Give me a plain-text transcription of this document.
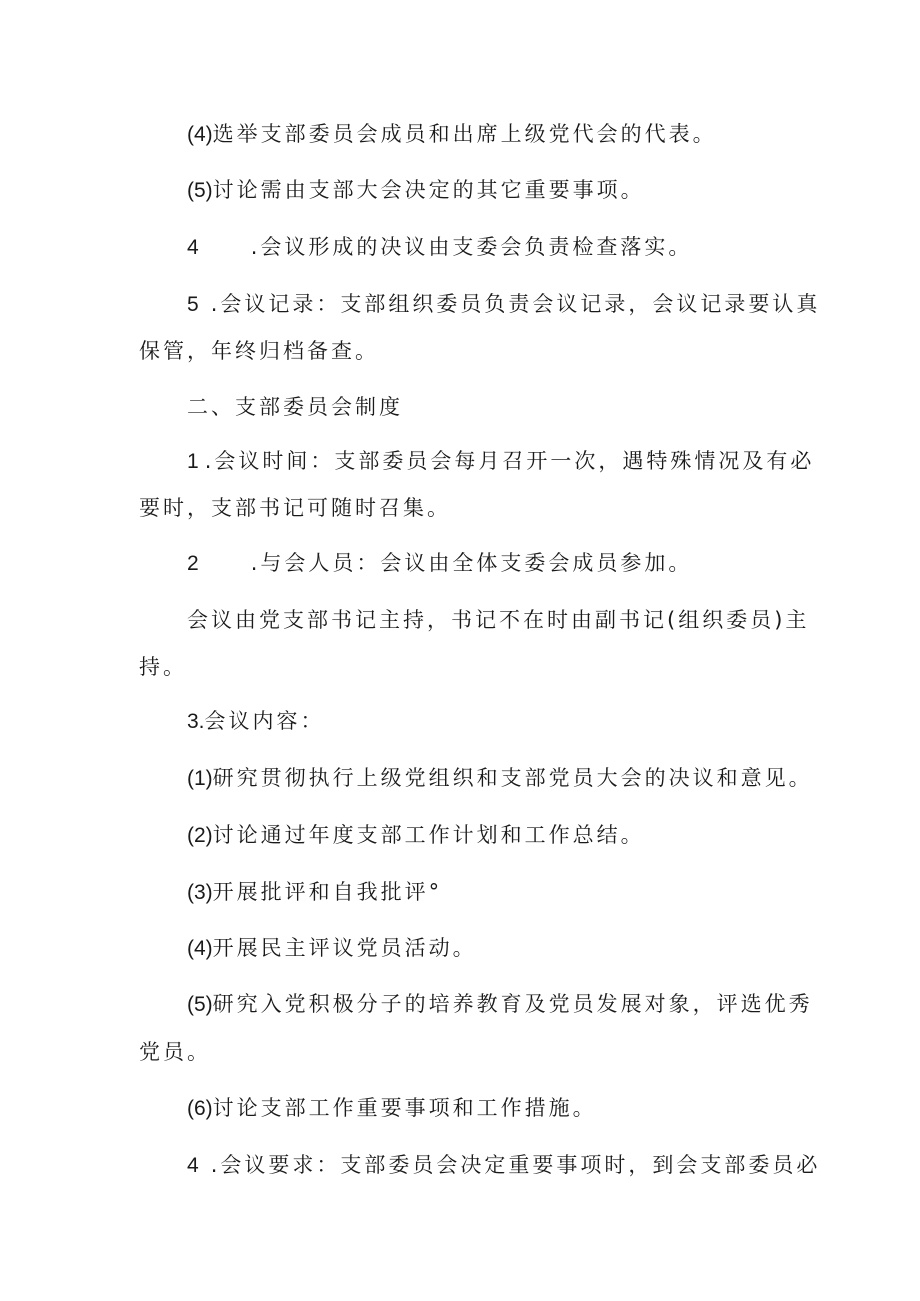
(4)选举支部委员会成员和出席上级党代会的代表。
(5)讨论需由支部大会决定的其它重要事项。
4 .会议形成的决议由支委会负责检查落实。
5 .会议记录：支部组织委员负责会议记录，会议记录要认真
保管，年终归档备查。
二、支部委员会制度
1 .会议时间：支部委员会每月召开一次，遇特殊情况及有必
要时，支部书记可随时召集。
2 .与会人员：会议由全体支委会成员参加。
会议由党支部书记主持，书记不在时由副书记(组织委员)主
持。
3.会议内容：
(1)研究贯彻执行上级党组织和支部党员大会的决议和意见。
(2)讨论通过年度支部工作计划和工作总结。
(3)开展批评和自我批评°
(4)开展民主评议党员活动。
(5)研究入党积极分子的培养教育及党员发展对象，评选优秀
党员。
(6)讨论支部工作重要事项和工作措施。
4 .会议要求：支部委员会决定重要事项时，到会支部委员必
